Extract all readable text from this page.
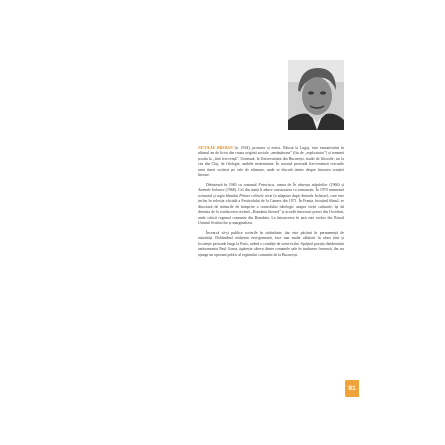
NICOLAE BREBAN (n. 1934), prozator și eseist. Născut la Lugoj, este exmatriculat în ultimul an de liceu din cauza originii sociale „nesănătoase” (fiu de „exploatator”) și termină școala la „fără frecvență”. Urmează, la Universitatea din București, studii de filosofie, iar la cea din Cluj, de filologie, ambele neterminate. În această perioadă frecventează cercurile unor tineri scriitori pe cale de afirmare, unde se discută intens despre înnoirea creației literare.

Debutează în 1965 cu romanul Francisca, urmat de În absența stăpânilor (1966) și Animale bolnave (1968). Cel din urmă îi aduce consacrarea ca romancier. În 1970 semnează scenariul și regia filmului Printre colinele verzi (o adaptare după Animale bolnave), care este inclus în selecția oficială a Festivalului de la Cannes din 1971. În Franța, însoțind filmul, se disociază de măsurile de înăsprire a controlului ideologic asupra vieții culturale, își dă demisia de la conducerea revistei „România literară” și acordă interviuri presei din Occident, unde critică regimul comunist din România. La întoarcerea în țară este exclus din Biroul Uniunii Scriitorilor și marginalizat.

Încearcă să-și publice scrierile în străinătate, dar este păcănit în permanență de autorități. Dobândind cetățenia vest-germană, face mai multe călătorii în afara țării și locuiește perioade lungi la Paris, având o condiție de semi-exilat. Sprijină poziția disidentului anticomunist Paul Goma, tipărește câteva dintre romanele sale în traducere franceză, dar nu ajunge un opozant politic al regimului comunist de la București.

91
